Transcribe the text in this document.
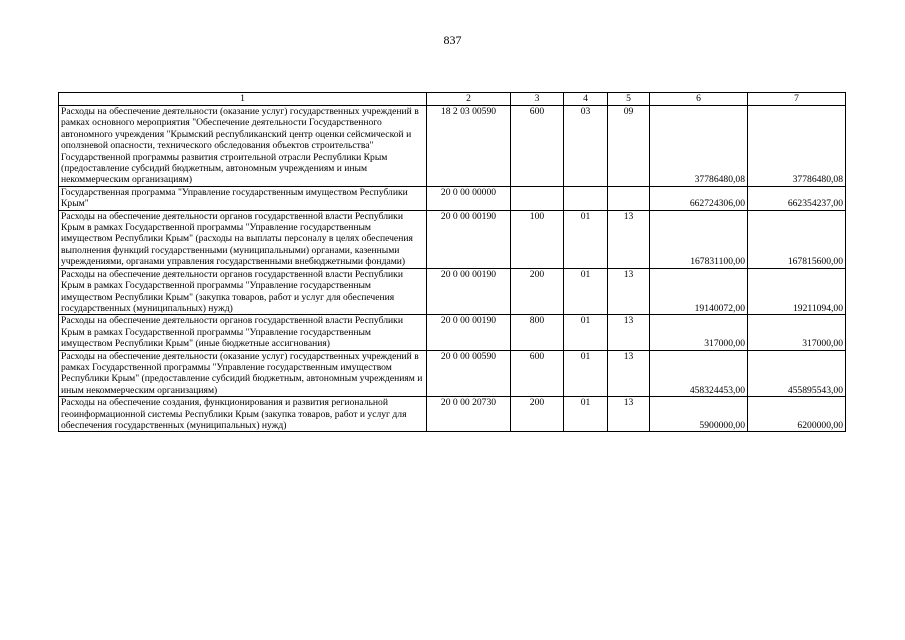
837
1	2	3	4	5	6	7
Расходы на обеспечение деятельности (оказание услуг) государственных учреждений в рамках основного мероприятия "Обеспечение деятельности Государственного автономного учреждения "Крымский республиканский центр оценки сейсмической и оползневой опасности, технического обследования объектов строительства" Государственной программы развития строительной отрасли Республики Крым (предоставление субсидий бюджетным, автономным учреждениям и иным некоммерческим организациям)	18 2 03 00590	600	03	09	37786480,08	37786480,08
Государственная программа "Управление государственным имуществом Республики Крым"	20 0 00 00000				662724306,00	662354237,00
Расходы на обеспечение деятельности органов государственной власти Республики Крым в рамках Государственной программы "Управление государственным имуществом Республики Крым" (расходы на выплаты персоналу в целях обеспечения выполнения функций государственными (муниципальными) органами, казенными учреждениями, органами управления государственными внебюджетными фондами)	20 0 00 00190	100	01	13	167831100,00	167815600,00
Расходы на обеспечение деятельности органов государственной власти Республики Крым в рамках Государственной программы "Управление государственным имуществом Республики Крым" (закупка товаров, работ и услуг для обеспечения государственных (муниципальных) нужд)	20 0 00 00190	200	01	13	19140072,00	19211094,00
Расходы на обеспечение деятельности органов государственной власти Республики Крым в рамках Государственной программы "Управление государственным имуществом Республики Крым" (иные бюджетные ассигнования)	20 0 00 00190	800	01	13	317000,00	317000,00
Расходы на обеспечение деятельности (оказание услуг) государственных учреждений в рамках Государственной программы "Управление государственным имуществом Республики Крым" (предоставление субсидий бюджетным, автономным учреждениям и иным некоммерческим организациям)	20 0 00 00590	600	01	13	458324453,00	455895543,00
Расходы на обеспечение создания, функционирования и развития региональной геоинформационной системы Республики Крым (закупка товаров, работ и услуг для обеспечения государственных (муниципальных) нужд)	20 0 00 20730	200	01	13	5900000,00	6200000,00
